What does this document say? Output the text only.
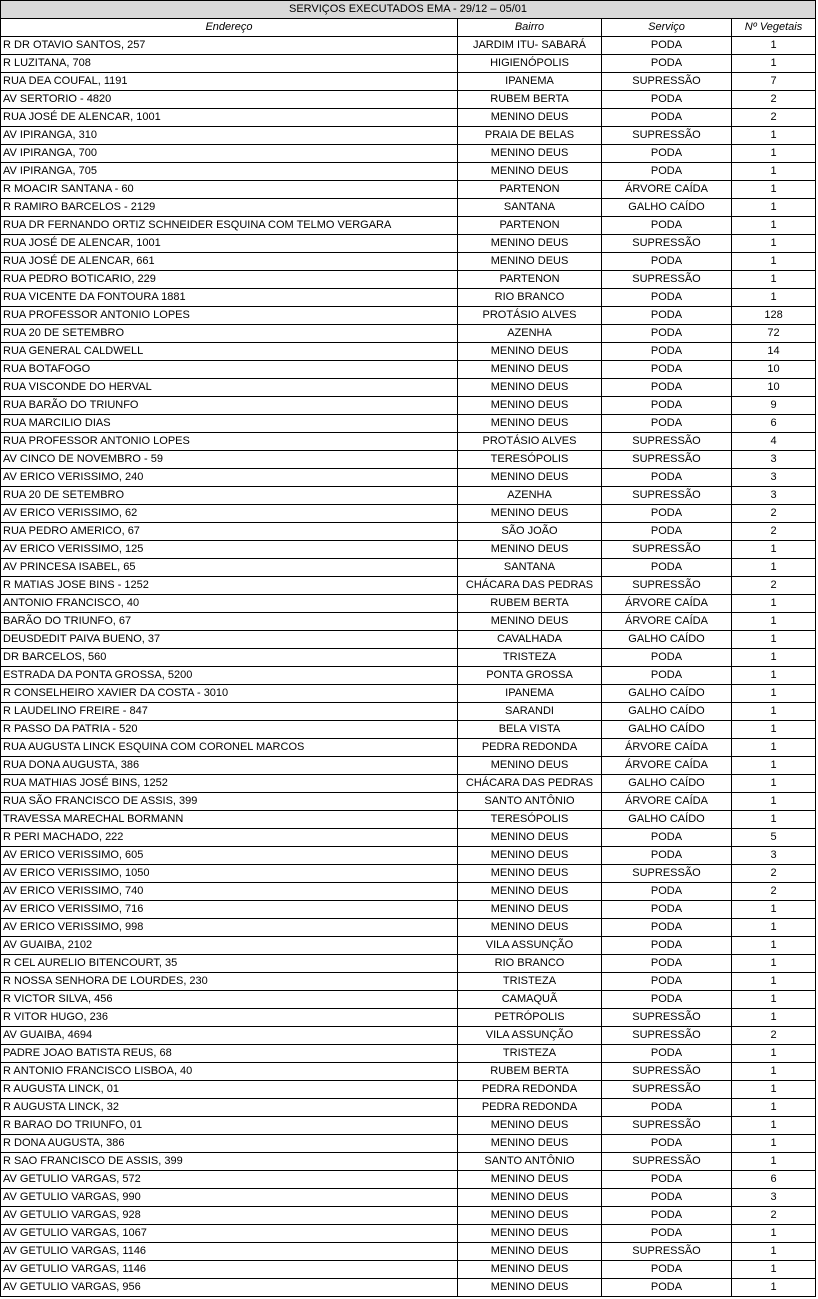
SERVIÇOS EXECUTADOS EMA - 29/12 – 05/01			
Endereço	Bairro	Serviço	Nº Vegetais
R DR OTAVIO SANTOS, 257	JARDIM ITU- SABARÁ	PODA	1
R LUZITANA, 708	HIGIENÓPOLIS	PODA	1
RUA DEA COUFAL, 1191	IPANEMA	SUPRESSÃO	7
AV SERTORIO - 4820	RUBEM BERTA	PODA	2
RUA JOSÉ DE ALENCAR, 1001	MENINO DEUS	PODA	2
AV IPIRANGA, 310	PRAIA DE BELAS	SUPRESSÃO	1
AV IPIRANGA, 700	MENINO DEUS	PODA	1
AV IPIRANGA, 705	MENINO DEUS	PODA	1
R MOACIR SANTANA - 60	PARTENON	ÁRVORE CAÍDA	1
R RAMIRO BARCELOS - 2129	SANTANA	GALHO CAÍDO	1
RUA DR FERNANDO ORTIZ SCHNEIDER ESQUINA COM TELMO VERGARA	PARTENON	PODA	1
RUA JOSÉ DE ALENCAR, 1001	MENINO DEUS	SUPRESSÃO	1
RUA JOSÉ DE ALENCAR, 661	MENINO DEUS	PODA	1
RUA PEDRO BOTICARIO, 229	PARTENON	SUPRESSÃO	1
RUA VICENTE DA FONTOURA 1881	RIO BRANCO	PODA	1
RUA PROFESSOR ANTONIO LOPES	PROTÁSIO ALVES	PODA	128
RUA 20 DE SETEMBRO	AZENHA	PODA	72
RUA GENERAL CALDWELL	MENINO DEUS	PODA	14
RUA BOTAFOGO	MENINO DEUS	PODA	10
RUA VISCONDE DO HERVAL	MENINO DEUS	PODA	10
RUA BARÃO DO TRIUNFO	MENINO DEUS	PODA	9
RUA MARCILIO DIAS	MENINO DEUS	PODA	6
RUA PROFESSOR ANTONIO LOPES	PROTÁSIO ALVES	SUPRESSÃO	4
AV CINCO DE NOVEMBRO - 59	TERESÓPOLIS	SUPRESSÃO	3
AV ERICO VERISSIMO, 240	MENINO DEUS	PODA	3
RUA 20 DE SETEMBRO	AZENHA	SUPRESSÃO	3
AV ERICO VERISSIMO, 62	MENINO DEUS	PODA	2
RUA PEDRO AMERICO, 67	SÃO JOÃO	PODA	2
AV ERICO VERISSIMO, 125	MENINO DEUS	SUPRESSÃO	1
AV PRINCESA ISABEL, 65	SANTANA	PODA	1
R MATIAS JOSE BINS - 1252	CHÁCARA DAS PEDRAS	SUPRESSÃO	2
ANTONIO FRANCISCO, 40	RUBEM BERTA	ÁRVORE CAÍDA	1
BARÃO DO TRIUNFO, 67	MENINO DEUS	ÁRVORE CAÍDA	1
DEUSDEDIT PAIVA BUENO, 37	CAVALHADA	GALHO CAÍDO	1
DR BARCELOS, 560	TRISTEZA	PODA	1
ESTRADA DA PONTA GROSSA, 5200	PONTA GROSSA	PODA	1
R CONSELHEIRO XAVIER DA COSTA - 3010	IPANEMA	GALHO CAÍDO	1
R LAUDELINO FREIRE - 847	SARANDI	GALHO CAÍDO	1
R PASSO DA PATRIA - 520	BELA VISTA	GALHO CAÍDO	1
RUA AUGUSTA LINCK ESQUINA COM CORONEL MARCOS	PEDRA REDONDA	ÁRVORE CAÍDA	1
RUA DONA AUGUSTA, 386	MENINO DEUS	ÁRVORE CAÍDA	1
RUA MATHIAS JOSÉ BINS, 1252	CHÁCARA DAS PEDRAS	GALHO CAÍDO	1
RUA SÃO FRANCISCO DE ASSIS, 399	SANTO ANTÔNIO	ÁRVORE CAÍDA	1
TRAVESSA MARECHAL BORMANN	TERESÓPOLIS	GALHO CAÍDO	1
R PERI MACHADO, 222	MENINO DEUS	PODA	5
AV ERICO VERISSIMO, 605	MENINO DEUS	PODA	3
AV ERICO VERISSIMO, 1050	MENINO DEUS	SUPRESSÃO	2
AV ERICO VERISSIMO, 740	MENINO DEUS	PODA	2
AV ERICO VERISSIMO, 716	MENINO DEUS	PODA	1
AV ERICO VERISSIMO, 998	MENINO DEUS	PODA	1
AV GUAIBA, 2102	VILA ASSUNÇÃO	PODA	1
R CEL AURELIO BITENCOURT, 35	RIO BRANCO	PODA	1
R NOSSA SENHORA DE LOURDES, 230	TRISTEZA	PODA	1
R VICTOR SILVA, 456	CAMAQUÃ	PODA	1
R VITOR HUGO, 236	PETRÓPOLIS	SUPRESSÃO	1
AV GUAIBA, 4694	VILA ASSUNÇÃO	SUPRESSÃO	2
PADRE JOAO BATISTA REUS, 68	TRISTEZA	PODA	1
R ANTONIO FRANCISCO LISBOA, 40	RUBEM BERTA	SUPRESSÃO	1
R AUGUSTA LINCK, 01	PEDRA REDONDA	SUPRESSÃO	1
R AUGUSTA LINCK, 32	PEDRA REDONDA	PODA	1
R BARAO DO TRIUNFO, 01	MENINO DEUS	SUPRESSÃO	1
R DONA AUGUSTA, 386	MENINO DEUS	PODA	1
R SAO FRANCISCO DE ASSIS, 399	SANTO ANTÔNIO	SUPRESSÃO	1
AV GETULIO VARGAS, 572	MENINO DEUS	PODA	6
AV GETULIO VARGAS, 990	MENINO DEUS	PODA	3
AV GETULIO VARGAS, 928	MENINO DEUS	PODA	2
AV GETULIO VARGAS, 1067	MENINO DEUS	PODA	1
AV GETULIO VARGAS, 1146	MENINO DEUS	SUPRESSÃO	1
AV GETULIO VARGAS, 1146	MENINO DEUS	PODA	1
AV GETULIO VARGAS, 956	MENINO DEUS	PODA	1
